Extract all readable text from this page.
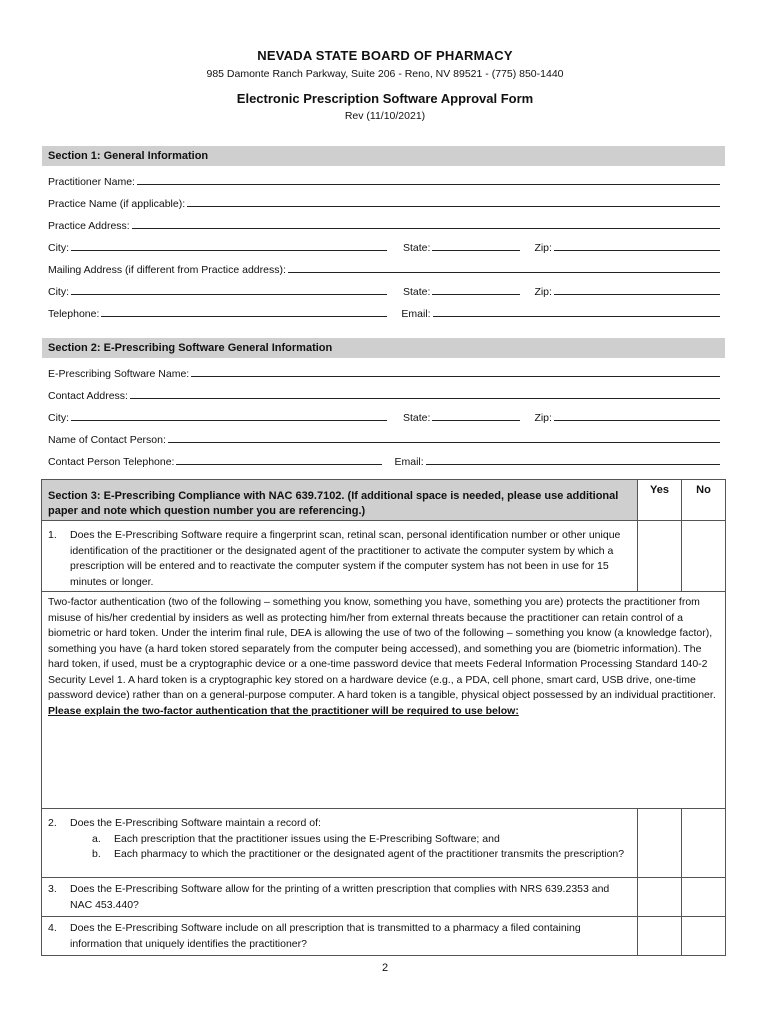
NEVADA STATE BOARD OF PHARMACY
985 Damonte Ranch Parkway, Suite 206 - Reno, NV 89521 - (775) 850-1440
Electronic Prescription Software Approval Form
Rev (11/10/2021)
Section 1: General Information
Practitioner Name:
Practice Name (if applicable):
Practice Address:
City:	State:	Zip:
Mailing Address (if different from Practice address):
City:	State:	Zip:
Telephone:	Email:
Section 2: E-Prescribing Software General Information
E-Prescribing Software Name:
Contact Address:
City:	State:	Zip:
Name of Contact Person:
Contact Person Telephone:	Email:
Section 3: E-Prescribing Compliance with NAC 639.7102. (If additional space is needed, please use additional paper and note which question number you are referencing.)
Yes	No
1. Does the E-Prescribing Software require a fingerprint scan, retinal scan, personal identification number or other unique identification of the practitioner or the designated agent of the practitioner to activate the computer system by which a prescription will be entered and to reactivate the computer system if the computer system has not been in use for 15 minutes or longer.
Two-factor authentication (two of the following – something you know, something you have, something you are) protects the practitioner from misuse of his/her credential by insiders as well as protecting him/her from external threats because the practitioner can retain control of a biometric or hard token. Under the interim final rule, DEA is allowing the use of two of the following – something you know (a knowledge factor), something you have (a hard token stored separately from the computer being accessed), and something you are (biometric information). The hard token, if used, must be a cryptographic device or a one-time password device that meets Federal Information Processing Standard 140-2 Security Level 1. A hard token is a cryptographic key stored on a hardware device (e.g., a PDA, cell phone, smart card, USB drive, one-time password device) rather than on a general-purpose computer. A hard token is a tangible, physical object possessed by an individual practitioner. Please explain the two-factor authentication that the practitioner will be required to use below:
2. Does the E-Prescribing Software maintain a record of:
a.	Each prescription that the practitioner issues using the E-Prescribing Software; and
b.	Each pharmacy to which the practitioner or the designated agent of the practitioner transmits the prescription?
3. Does the E-Prescribing Software allow for the printing of a written prescription that complies with NRS 639.2353 and NAC 453.440?
4. Does the E-Prescribing Software include on all prescription that is transmitted to a pharmacy a filed containing information that uniquely identifies the practitioner?
2
